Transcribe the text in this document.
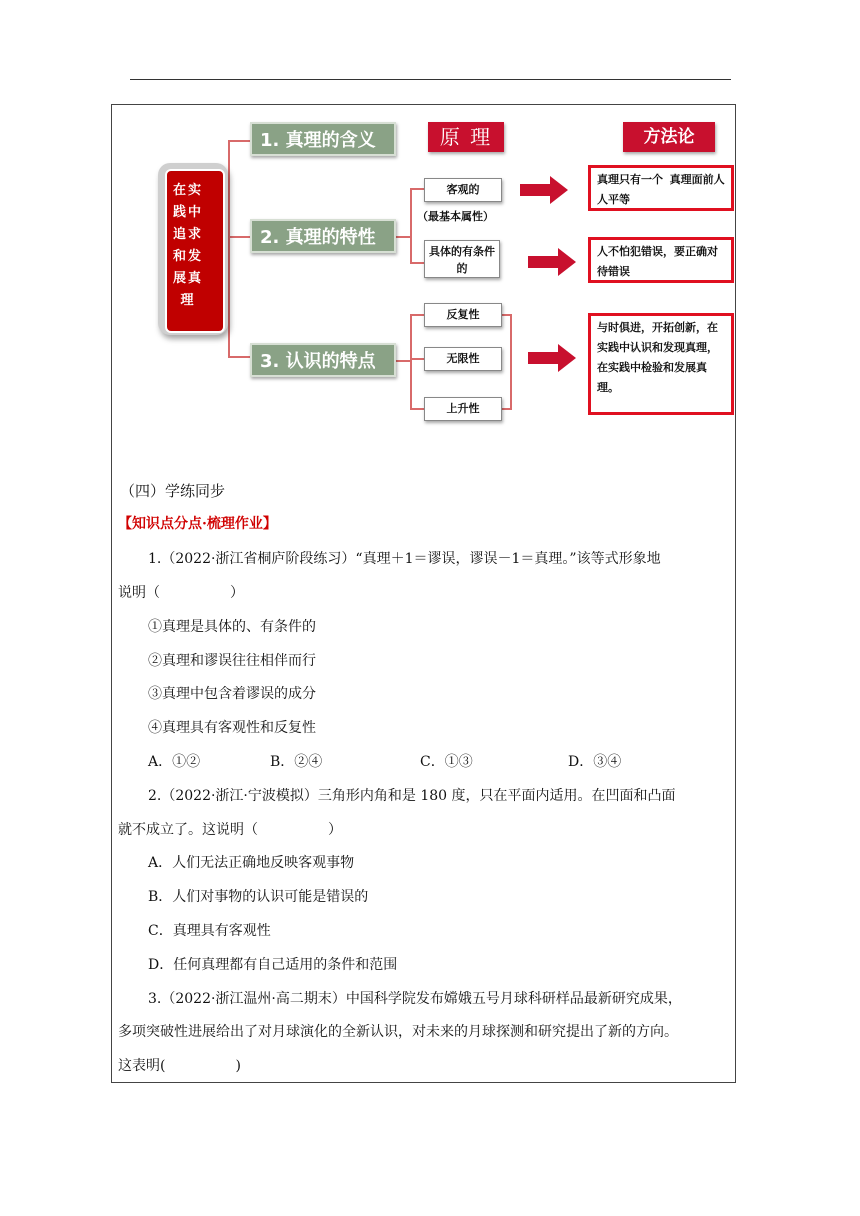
在实践中追求和发展真理
原 理	方法论
1. 真理的含义
2. 真理的特性
3. 认识的特点
客观的
（最基本属性）
具体的有条件的
反复性
无限性
上升性
真理只有一个 真理面前人人平等
人不怕犯错误，要正确对待错误
与时俱进，开拓创新，在实践中认识和发现真理，在实践中检验和发展真理。
（四）学练同步
【知识点分点·梳理作业】
1.（2022·浙江省桐庐阶段练习）“真理＋1＝谬误，谬误－1＝真理。”该等式形象地
说明（　　　　　）
①真理是具体的、有条件的
②真理和谬误往往相伴而行
③真理中包含着谬误的成分
④真理具有客观性和反复性
A．①②	B．②④	C．①③	D．③④
2.（2022·浙江·宁波模拟）三角形内角和是 180 度，只在平面内适用。在凹面和凸面
就不成立了。这说明（　　　　　）
A．人们无法正确地反映客观事物
B．人们对事物的认识可能是错误的
C．真理具有客观性
D．任何真理都有自己适用的条件和范围
3.（2022·浙江温州·高二期末）中国科学院发布嫦娥五号月球科研样品最新研究成果，
多项突破性进展给出了对月球演化的全新认识，对未来的月球探测和研究提出了新的方向。
这表明(　　　　　)
